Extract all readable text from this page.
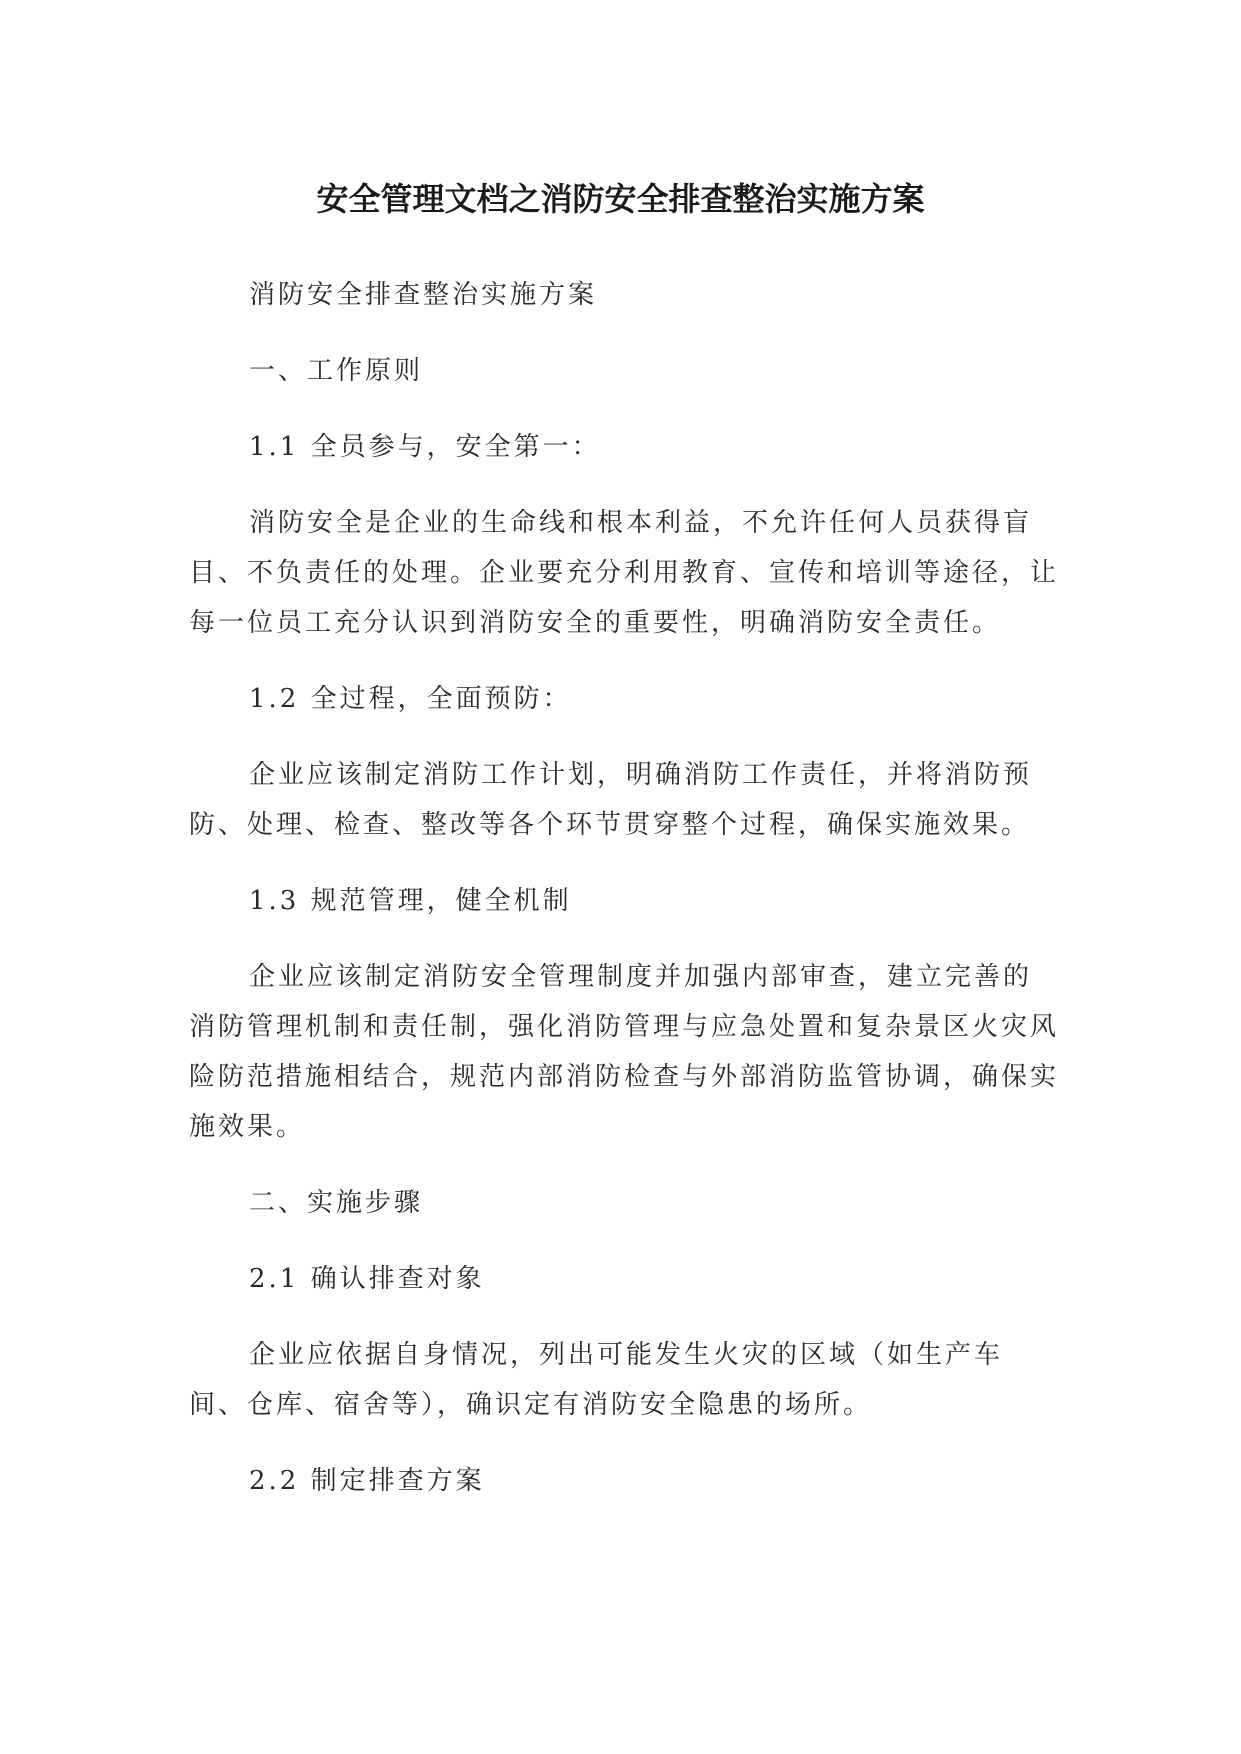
安全管理文档之消防安全排查整治实施方案

消防安全排查整治实施方案

一、工作原则

1.1 全员参与，安全第一：

消防安全是企业的生命线和根本利益，不允许任何人员获得盲目、不负责任的处理。企业要充分利用教育、宣传和培训等途径，让每一位员工充分认识到消防安全的重要性，明确消防安全责任。

1.2 全过程，全面预防：

企业应该制定消防工作计划，明确消防工作责任，并将消防预防、处理、检查、整改等各个环节贯穿整个过程，确保实施效果。

1.3 规范管理，健全机制

企业应该制定消防安全管理制度并加强内部审查，建立完善的消防管理机制和责任制，强化消防管理与应急处置和复杂景区火灾风险防范措施相结合，规范内部消防检查与外部消防监管协调，确保实施效果。

二、实施步骤

2.1 确认排查对象

企业应依据自身情况，列出可能发生火灾的区域（如生产车间、仓库、宿舍等），确识定有消防安全隐患的场所。

2.2 制定排查方案
